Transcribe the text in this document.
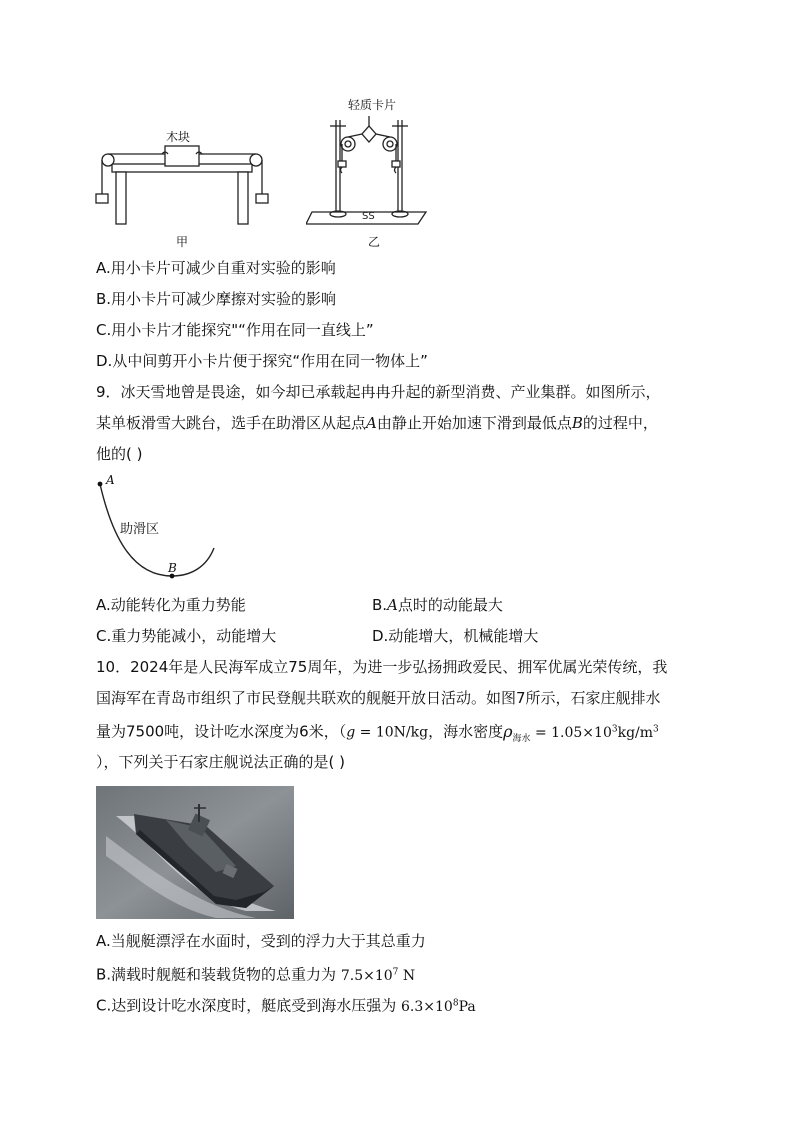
木块
甲
SS
轻质卡片
乙
A.用小卡片可减少自重对实验的影响
B.用小卡片可减少摩擦对实验的影响
C.用小卡片才能探究"“作用在同一直线上”
D.从中间剪开小卡片便于探究“作用在同一物体上”
9．冰天雪地曾是畏途，如今却已承载起冉冉升起的新型消费、产业集群。如图所示，
某单板滑雪大跳台，选手在助滑区从起点A由静止开始加速下滑到最低点B的过程中，
他的( )
A
B
助滑区
A.动能转化为重力势能	B.A点时的动能最大
C.重力势能减小，动能增大	D.动能增大，机械能增大
10．2024年是人民海军成立75周年，为进一步弘扬拥政爱民、拥军优属光荣传统，我
国海军在青岛市组织了市民登舰共联欢的舰艇开放日活动。如图7所示，石家庄舰排水
量为7500吨，设计吃水深度为6米，（g = 10N/kg，海水密度$\rho_{海水} = 1.05\times 10^3kg/m^3$
），下列关于石家庄舰说法正确的是( )
A.当舰艇漂浮在水面时，受到的浮力大于其总重力
B.满载时舰艇和装载货物的总重力为 $7.5\times 10^7$ N
C.达到设计吃水深度时，艇底受到海水压强为 $6.3\times 10^8Pa$
